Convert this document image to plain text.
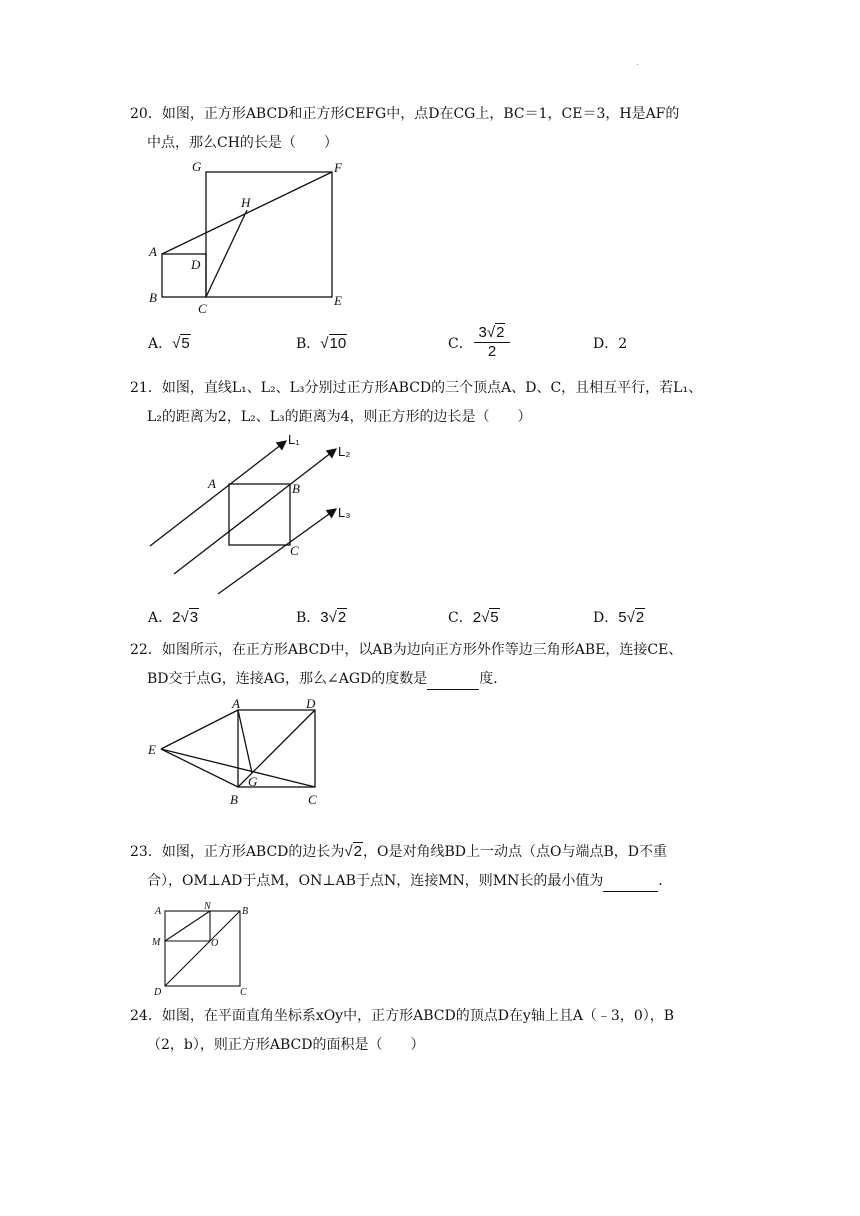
·
20．如图，正方形ABCD和正方形CEFG中，点D在CG上，BC＝1，CE＝3，H是AF的
中点，那么CH的长是（　　）
G	F
H
A
D
B
C
E
A．√5	B．√10	C．
3√2
2	D．2
21．如图，直线L₁、L₂、L₃分别过正方形ABCD的三个顶点A、D、C，且相互平行，若L₁、
L₂的距离为2，L₂、L₃的距离为4，则正方形的边长是（　　）
L₁
L₂
L₃
A	B
C
A．2√3	B．3√2	C．2√5	D．5√2
22．如图所示，在正方形ABCD中，以AB为边向正方形外作等边三角形ABE，连接CE、
BD交于点G，连接AG，那么∠AGD的度数是	度．
A	D
E
G
B	C
23．如图，正方形ABCD的边长为√2，O是对角线BD上一动点（点O与端点B，D不重
合），OM⊥AD于点M，ON⊥AB于点N，连接MN，则MN长的最小值为	．
A	N	B
M	O
D	C
24．如图，在平面直角坐标系xOy中，正方形ABCD的顶点D在y轴上且A（﹣3，0），B
（2，b），则正方形ABCD的面积是（　　）
